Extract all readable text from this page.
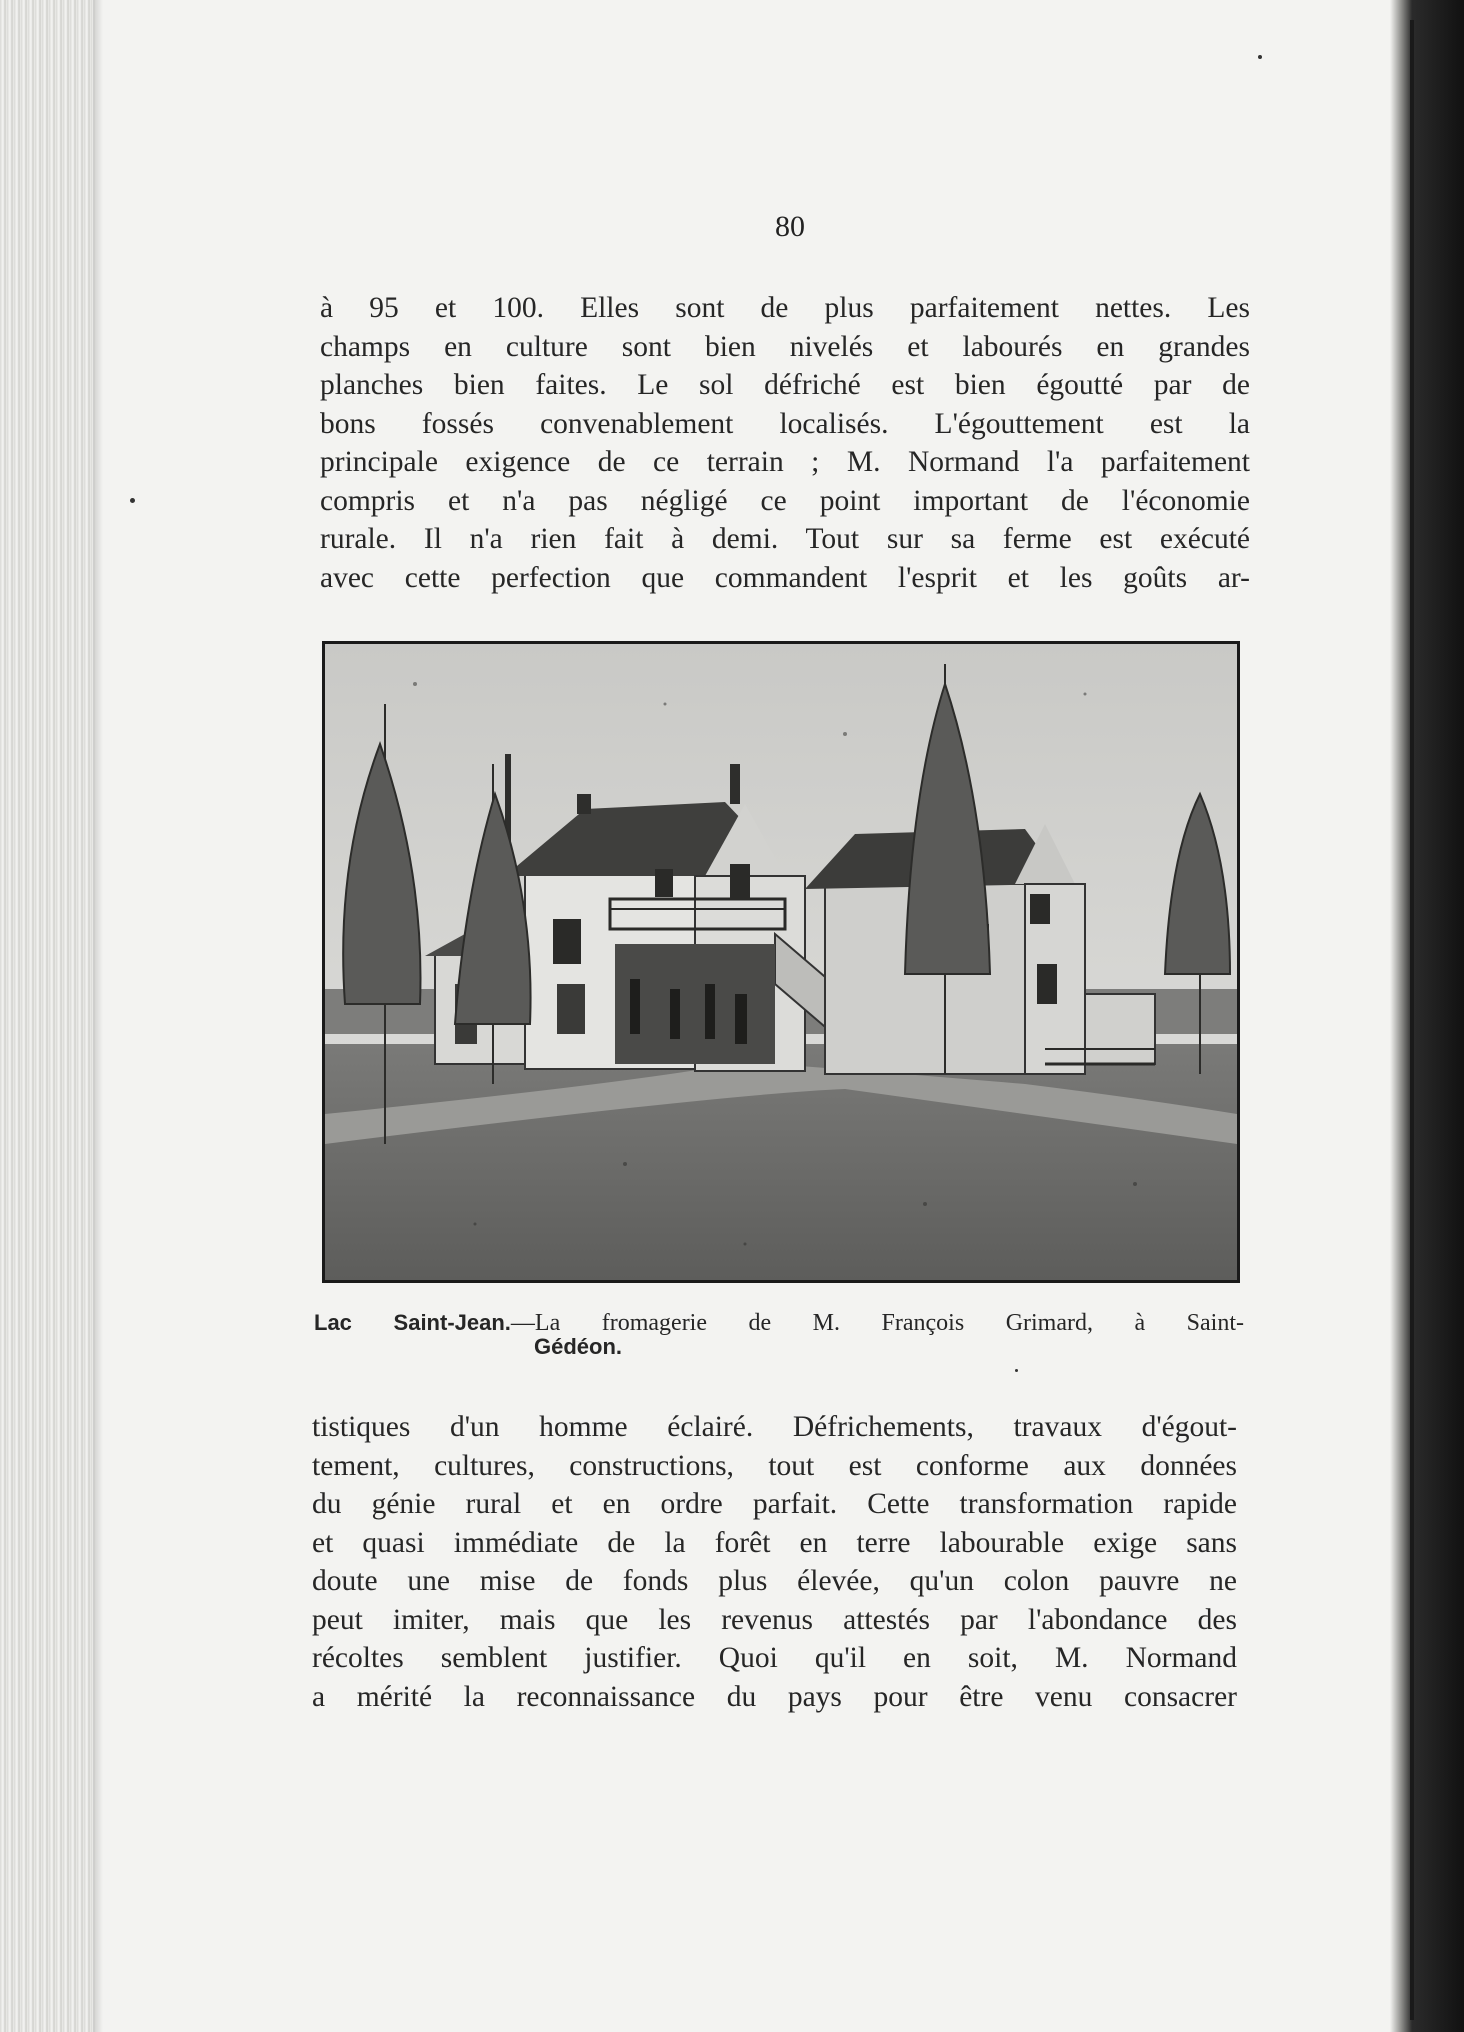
80
à 95 et 100. Elles sont de plus parfaitement nettes. Les
champs en culture sont bien nivelés et labourés en grandes
planches bien faites. Le sol défriché est bien égoutté par de
bons fossés convenablement localisés. L'égouttement est la
principale exigence de ce terrain ; M. Normand l'a parfaitement
compris et n'a pas négligé ce point important de l'économie
rurale. Il n'a rien fait à demi. Tout sur sa ferme est exécuté
avec cette perfection que commandent l'esprit et les goûts ar-
Lac Saint-Jean.—La fromagerie de M. François Grimard, à Saint-
Gédéon.
tistiques d'un homme éclairé. Défrichements, travaux d'égout-
tement, cultures, constructions, tout est conforme aux données
du génie rural et en ordre parfait. Cette transformation rapide
et quasi immédiate de la forêt en terre labourable exige sans
doute une mise de fonds plus élevée, qu'un colon pauvre ne
peut imiter, mais que les revenus attestés par l'abondance des
récoltes semblent justifier. Quoi qu'il en soit, M. Normand
a mérité la reconnaissance du pays pour être venu consacrer
